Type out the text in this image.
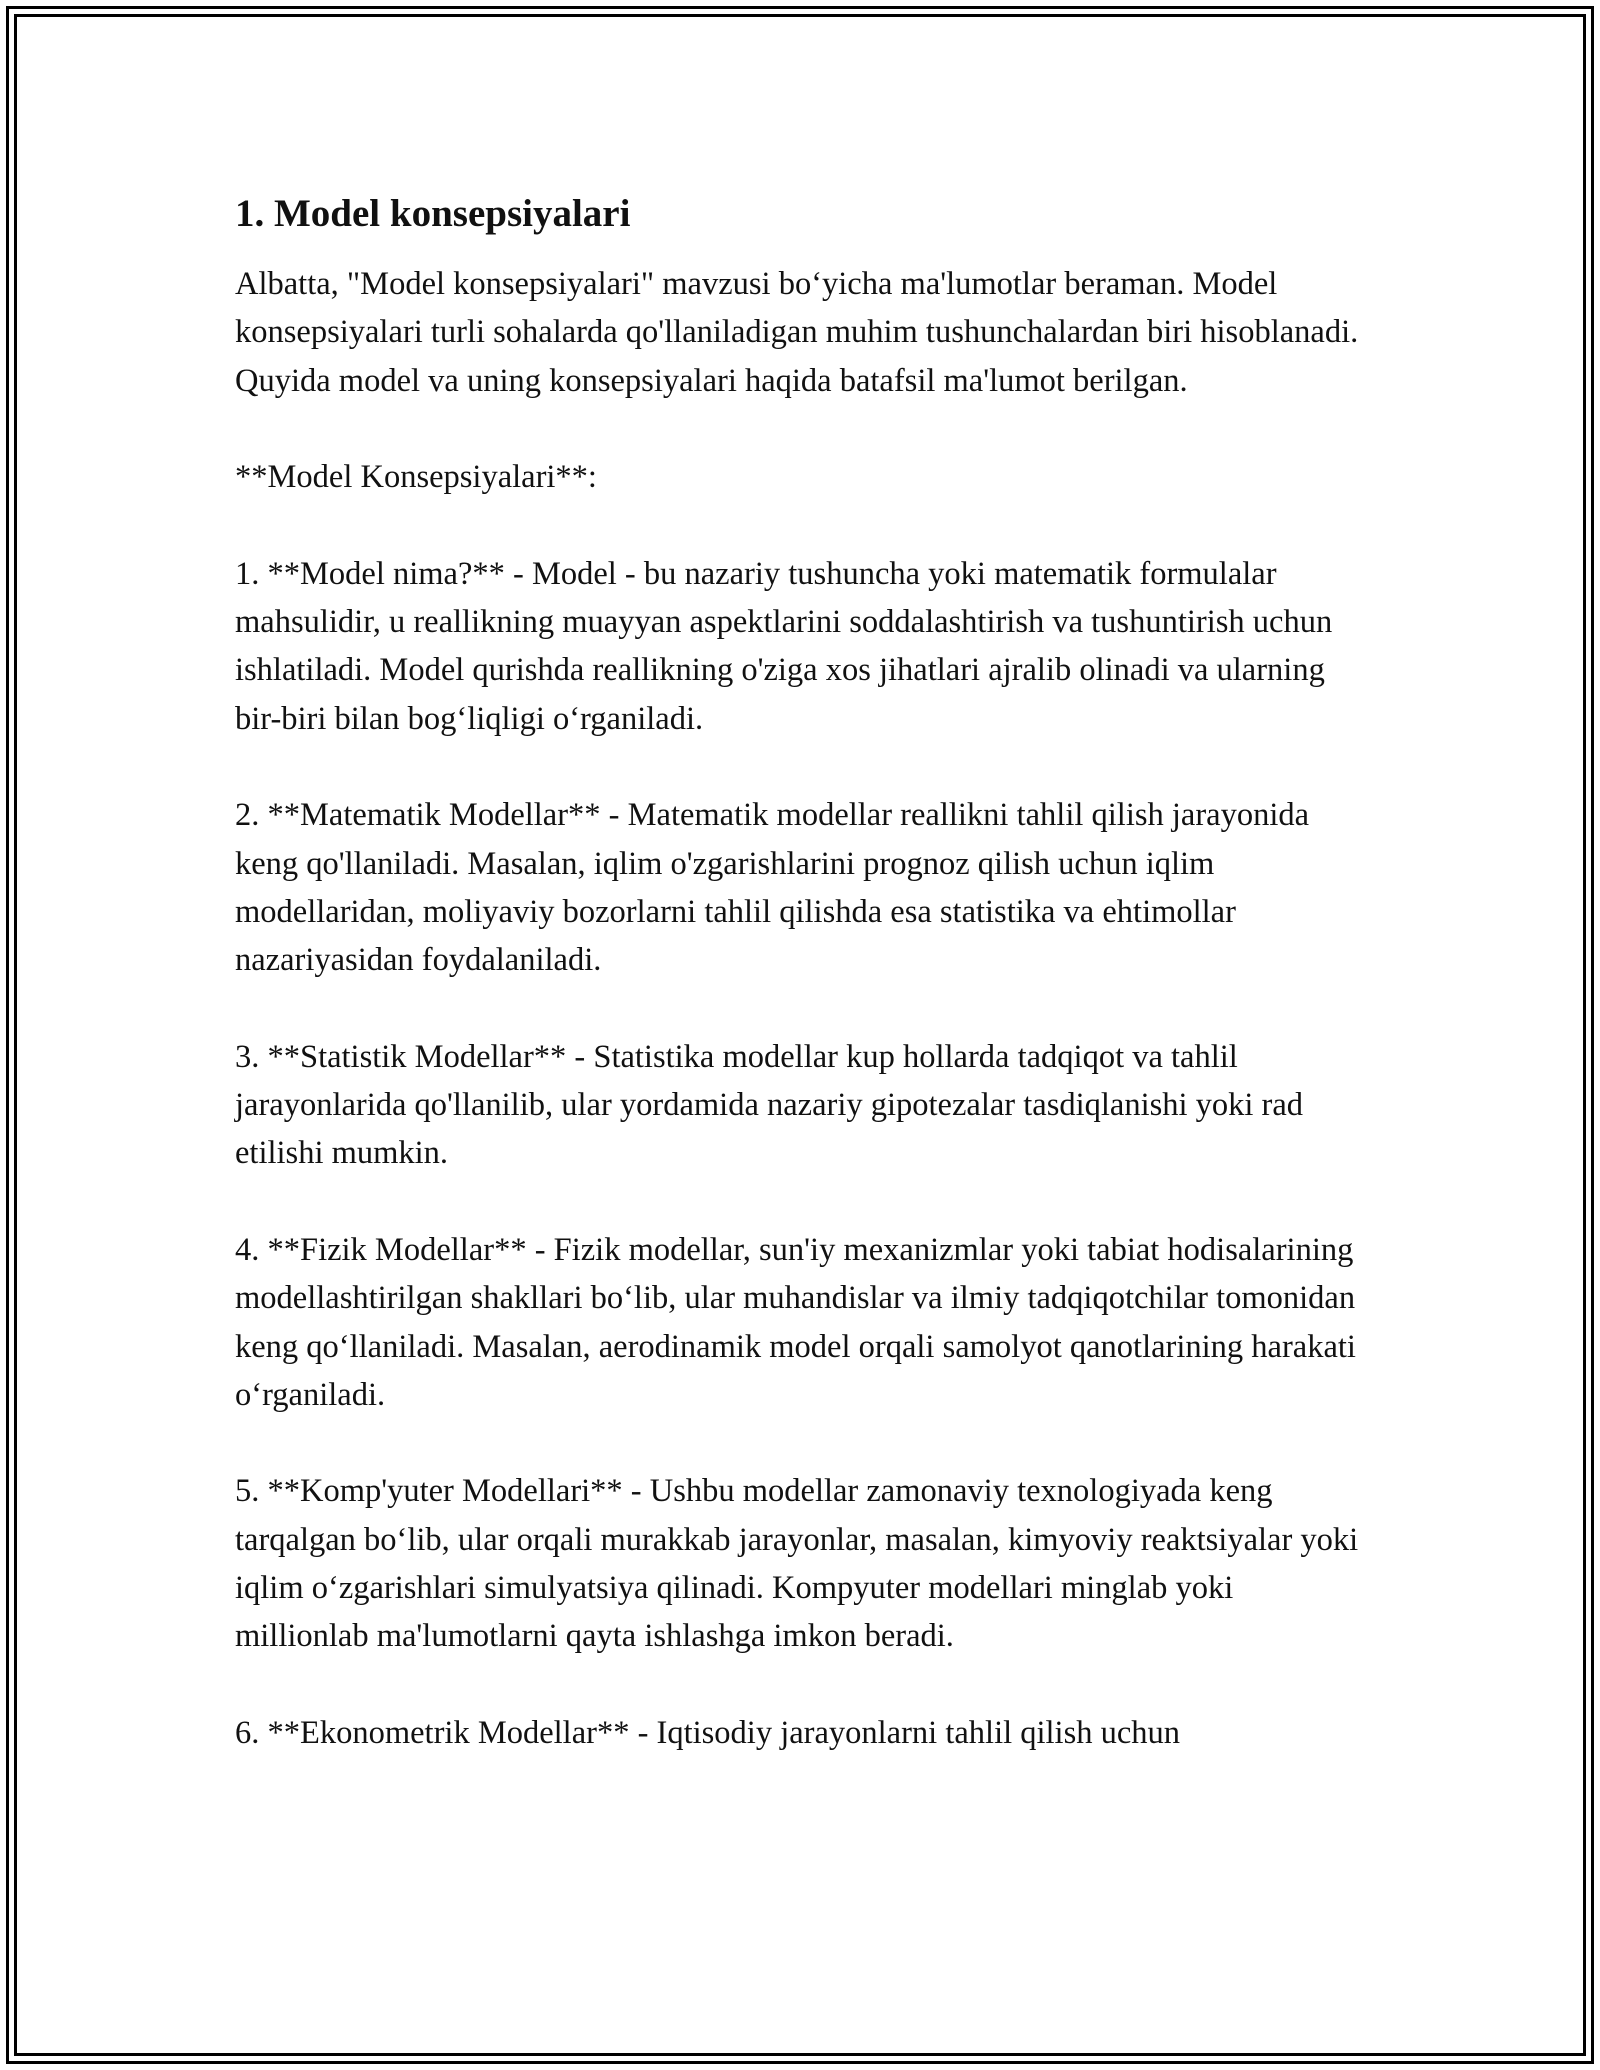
1. Model konsepsiyalari

Albatta, "Model konsepsiyalari" mavzusi bo‘yicha ma'lumotlar beraman. Model konsepsiyalari turli sohalarda qo'llaniladigan muhim tushunchalardan biri hisoblanadi. Quyida model va uning konsepsiyalari haqida batafsil ma'lumot berilgan.

**Model Konsepsiyalari**:

1. **Model nima?** - Model - bu nazariy tushuncha yoki matematik formulalar mahsulidir, u reallikning muayyan aspektlarini soddalashtirish va tushuntirish uchun ishlatiladi. Model qurishda reallikning o'ziga xos jihatlari ajralib olinadi va ularning bir-biri bilan bog‘liqligi o‘rganiladi.

2. **Matematik Modellar** - Matematik modellar reallikni tahlil qilish jarayonida keng qo'llaniladi. Masalan, iqlim o'zgarishlarini prognoz qilish uchun iqlim modellaridan, moliyaviy bozorlarni tahlil qilishda esa statistika va ehtimollar nazariyasidan foydalaniladi.

3. **Statistik Modellar** - Statistika modellar kup hollarda tadqiqot va tahlil jarayonlarida qo'llanilib, ular yordamida nazariy gipotezalar tasdiqlanishi yoki rad etilishi mumkin.

4. **Fizik Modellar** - Fizik modellar, sun'iy mexanizmlar yoki tabiat hodisalarining modellashtirilgan shakllari bo‘lib, ular muhandislar va ilmiy tadqiqotchilar tomonidan keng qo‘llaniladi. Masalan, aerodinamik model orqali samolyot qanotlarining harakati o‘rganiladi.

5. **Komp'yuter Modellari** - Ushbu modellar zamonaviy texnologiyada keng tarqalgan bo‘lib, ular orqali murakkab jarayonlar, masalan, kimyoviy reaktsiyalar yoki iqlim o‘zgarishlari simulyatsiya qilinadi. Kompyuter modellari minglab yoki millionlab ma'lumotlarni qayta ishlashga imkon beradi.

6. **Ekonometrik Modellar** - Iqtisodiy jarayonlarni tahlil qilish uchun
